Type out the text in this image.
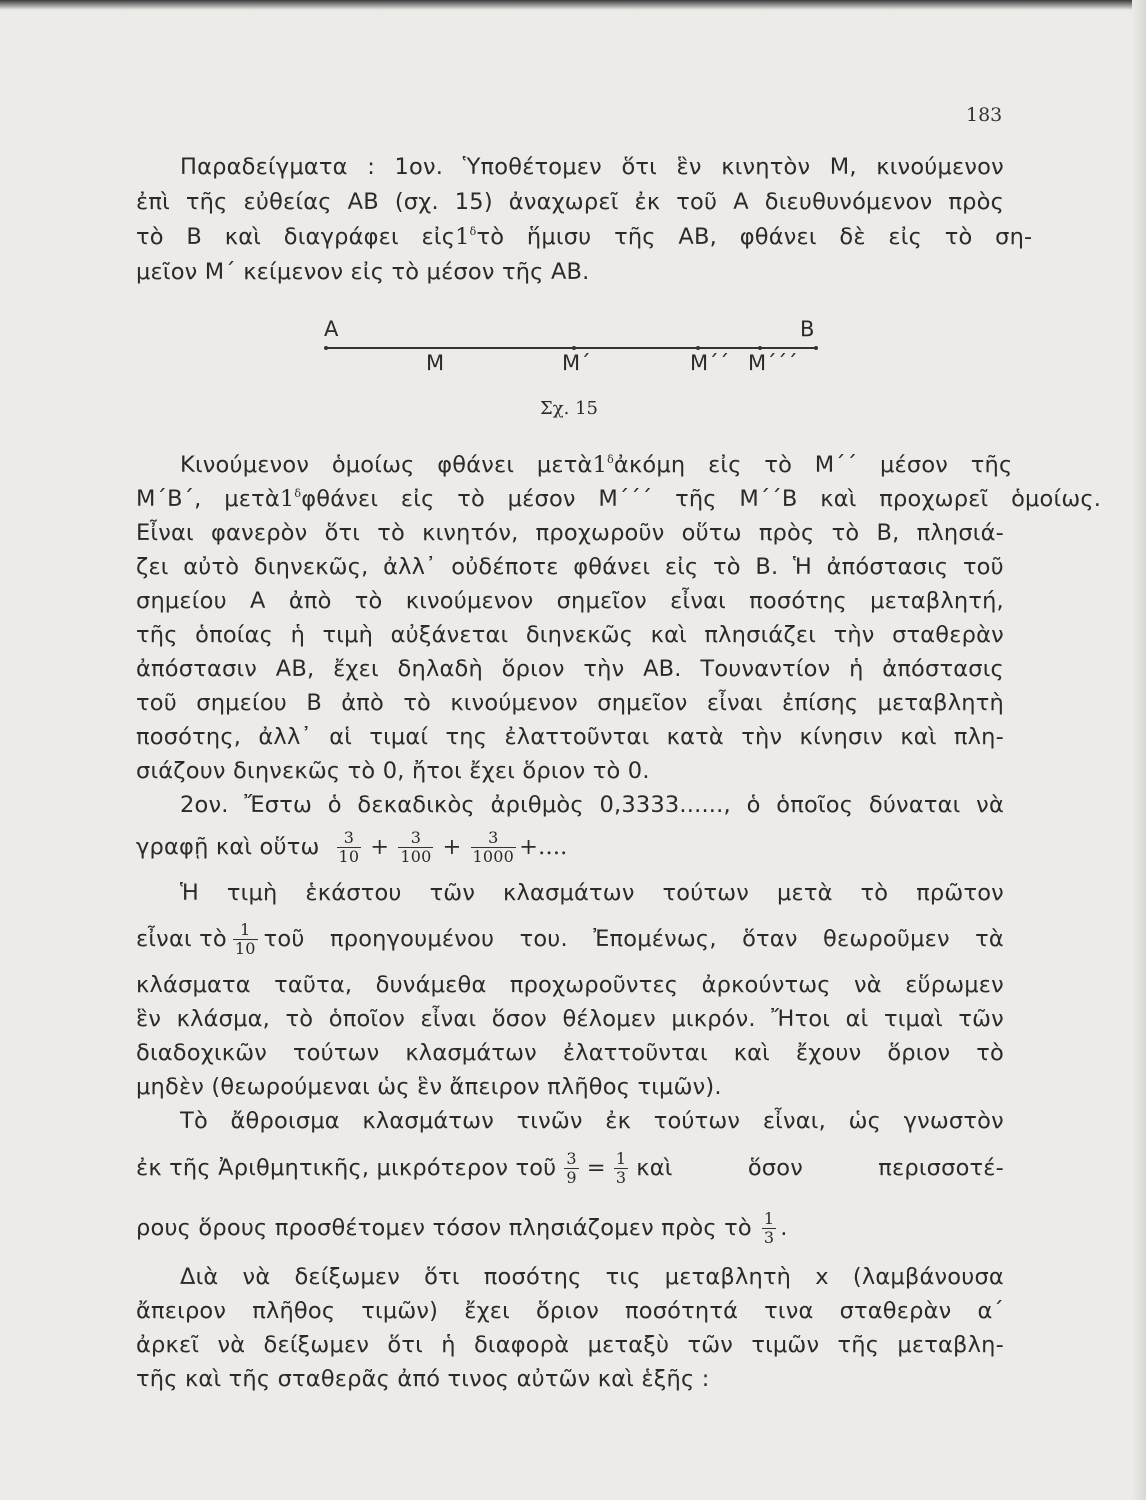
183
Παραδείγματα : 1ον. Ὑποθέτομεν ὅτι ἓν κινητὸν Μ, κινούμενον
ἐπὶ τῆς εὐθείας ΑΒ (σχ. 15) ἀναχωρεῖ ἐκ τοῦ Α διευθυνόμενον πρὸς
τὸ  Β  καὶ  διαγράφει  εἰς $1^\delta$ τὸ  ἥμισυ  τῆς  ΑΒ,  φθάνει  δὲ  εἰς  τὸ  ση-
μεῖον Μ΄ κείμενον εἰς τὸ μέσον τῆς ΑΒ.
Α	Β
Μ	Μ΄	Μ΄΄ Μ΄΄΄
Σχ. 15
Κινούμενον  ὁμοίως  φθάνει  μετὰ $1^\delta$ ἀκόμη  εἰς  τὸ  Μ΄΄  μέσον  τῆς
Μ΄Β΄,  μετὰ $1^\delta$ φθάνει  εἰς  τὸ  μέσον  Μ΄΄΄  τῆς  Μ΄΄Β  καὶ  προχωρεῖ  ὁμοίως.
Εἶναι φανερὸν ὅτι τὸ κινητόν, προχωροῦν οὕτω πρὸς τὸ Β, πλησιά-
ζει αὐτὸ διηνεκῶς, ἀλλ᾽ οὐδέποτε φθάνει εἰς τὸ Β. Ἡ ἀπόστασις τοῦ
σημείου Α ἀπὸ τὸ κινούμενον σημεῖον εἶναι ποσότης μεταβλητή,
τῆς ὁποίας ἡ τιμὴ αὐξάνεται διηνεκῶς καὶ πλησιάζει τὴν σταθερὰν
ἀπόστασιν ΑΒ, ἔχει δηλαδὴ ὅριον τὴν ΑΒ. Τουναντίον ἡ ἀπόστασις
τοῦ σημείου Β ἀπὸ τὸ κινούμενον σημεῖον εἶναι ἐπίσης μεταβλητὴ
ποσότης, ἀλλ᾽ αἱ τιμαί της ἐλαττοῦνται κατὰ τὴν κίνησιν καὶ πλη-
σιάζουν διηνεκῶς τὸ 0, ἤτοι ἔχει ὅριον τὸ 0.
2ον. Ἔστω ὁ δεκαδικὸς ἀριθμὸς 0,3333......, ὁ ὁποῖος δύναται νὰ
γραφῇ καὶ οὕτω $\frac{3}{10} + \frac{3}{100} + \frac{3}{1000}$ +....
Ἡ τιμὴ ἑκάστου τῶν κλασμάτων τούτων μετὰ τὸ πρῶτον
εἶναι τὸ $\frac{1}{10}$ τοῦ προηγουμένου του. Ἐπομένως, ὅταν θεωροῦμεν τὰ
κλάσματα ταῦτα, δυνάμεθα προχωροῦντες ἀρκούντως νὰ εὕρωμεν
ἓν κλάσμα, τὸ ὁποῖον εἶναι ὅσον θέλομεν μικρόν. Ἤτοι αἱ τιμαὶ τῶν
διαδοχικῶν τούτων κλασμάτων ἐλαττοῦνται καὶ ἔχουν ὅριον τὸ
μηδὲν (θεωρούμεναι ὡς ἓν ἄπειρον πλῆθος τιμῶν).
Τὸ ἄθροισμα κλασμάτων τινῶν ἐκ τούτων εἶναι, ὡς γνωστὸν
ἐκ τῆς Ἀριθμητικῆς, μικρότερον τοῦ $\frac{3}{9} = \frac{1}{3}$ καὶ	ὅσον	περισσοτέ-
ρους ὅρους προσθέτομεν τόσον πλησιάζομεν πρὸς τὸ $\frac{1}{3}$ .
Διὰ νὰ δείξωμεν ὅτι ποσότης τις μεταβλητὴ x (λαμβάνουσα
ἄπειρον πλῆθος τιμῶν) ἔχει ὅριον ποσότητά τινα σταθερὰν α΄
ἀρκεῖ νὰ δείξωμεν ὅτι ἡ διαφορὰ μεταξὺ τῶν τιμῶν τῆς μεταβλη-
τῆς καὶ τῆς σταθερᾶς ἀπό τινος αὐτῶν καὶ ἑξῆς :
